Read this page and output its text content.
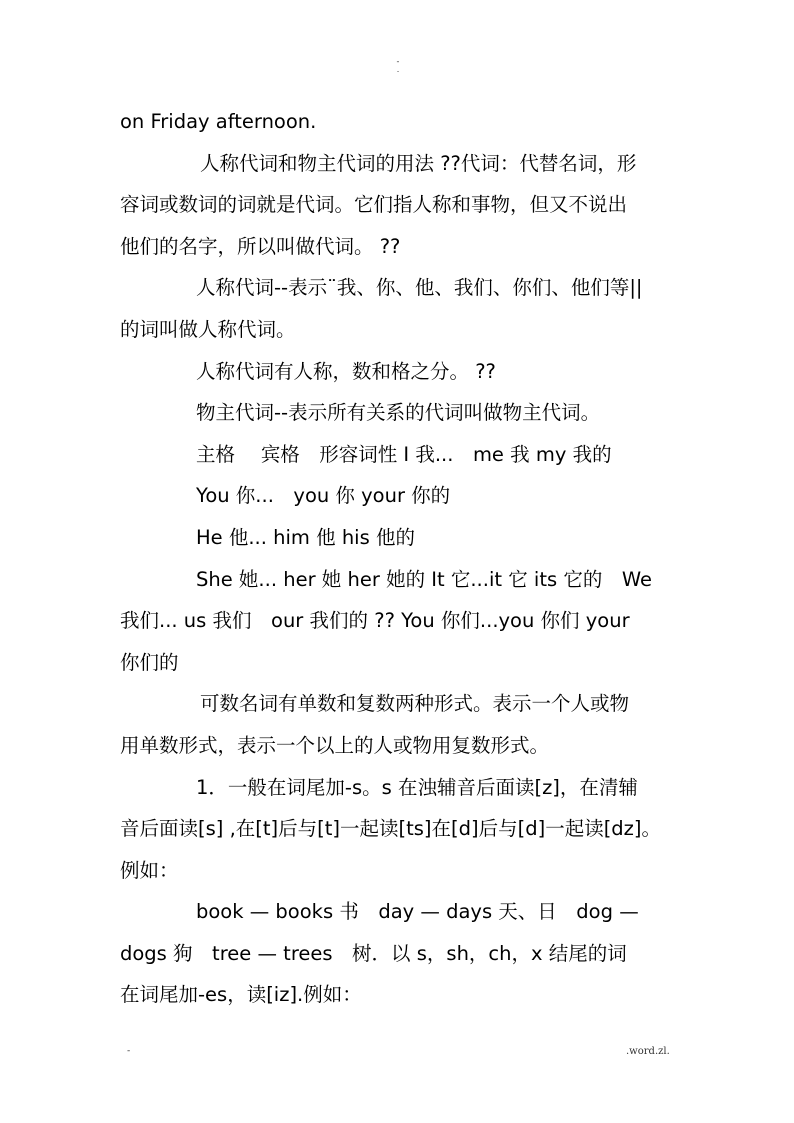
-
.

on Friday afternoon.

人称代词和物主代词的用法 ??代词：代替名词，形

容词或数词的词就是代词。它们指人称和事物，但又不说出

他们的名字，所以叫做代词。 ??

人称代词--表示¨我、你、他、我们、你们、他们等||

的词叫做人称代词。

人称代词有人称，数和格之分。 ??

物主代词--表示所有关系的代词叫做物主代词。

主格　 宾格　形容词性 I 我...　me 我 my 我的

You 你...　you 你 your 你的

He 他... him 他 his 他的

She 她... her 她 her 她的 It 它...it 它 its 它的　We

我们... us 我们　our 我们的 ?? You 你们...you 你们 your

你们的

可数名词有单数和复数两种形式。表示一个人或物

用单数形式，表示一个以上的人或物用复数形式。

1．一般在词尾加-s。s 在浊辅音后面读[z]，在清辅

音后面读[s] ,在[t]后与[t]一起读[ts]在[d]后与[d]一起读[dz]。

例如：

book — books 书　day — days 天、日　dog —

dogs 狗　tree — trees　树．以 s，sh，ch，x 结尾的词

在词尾加-es，读[iz].例如：

-	.word.zl.
